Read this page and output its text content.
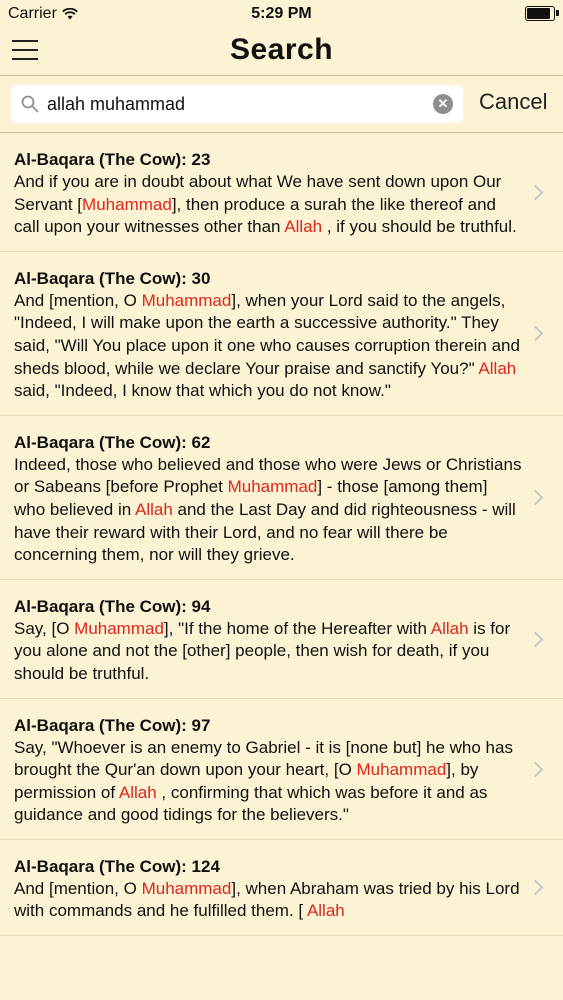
Carrier	5:29 PM
Search
allah muhammad
✕ Cancel
Al-Baqara (The Cow): 23
And if you are in doubt about what We have sent down upon Our Servant [Muhammad], then produce a surah the like thereof and call upon your witnesses other than Allah , if you should be truthful.
Al-Baqara (The Cow): 30
And [mention, O Muhammad], when your Lord said to the angels, "Indeed, I will make upon the earth a successive authority." They said, "Will You place upon it one who causes corruption therein and sheds blood, while we declare Your praise and sanctify You?" Allah said, "Indeed, I know that which you do not know."
Al-Baqara (The Cow): 62
Indeed, those who believed and those who were Jews or Christians or Sabeans [before Prophet Muhammad] - those [among them] who believed in Allah and the Last Day and did righteousness - will have their reward with their Lord, and no fear will there be concerning them, nor will they grieve.
Al-Baqara (The Cow): 94
Say, [O Muhammad], "If the home of the Hereafter with Allah is for you alone and not the [other] people, then wish for death, if you should be truthful.
Al-Baqara (The Cow): 97
Say, "Whoever is an enemy to Gabriel - it is [none but] he who has brought the Qur'an down upon your heart, [O Muhammad], by permission of Allah , confirming that which was before it and as guidance and good tidings for the believers."
Al-Baqara (The Cow): 124
And [mention, O Muhammad], when Abraham was tried by his Lord with commands and he fulfilled them. [ Allah
